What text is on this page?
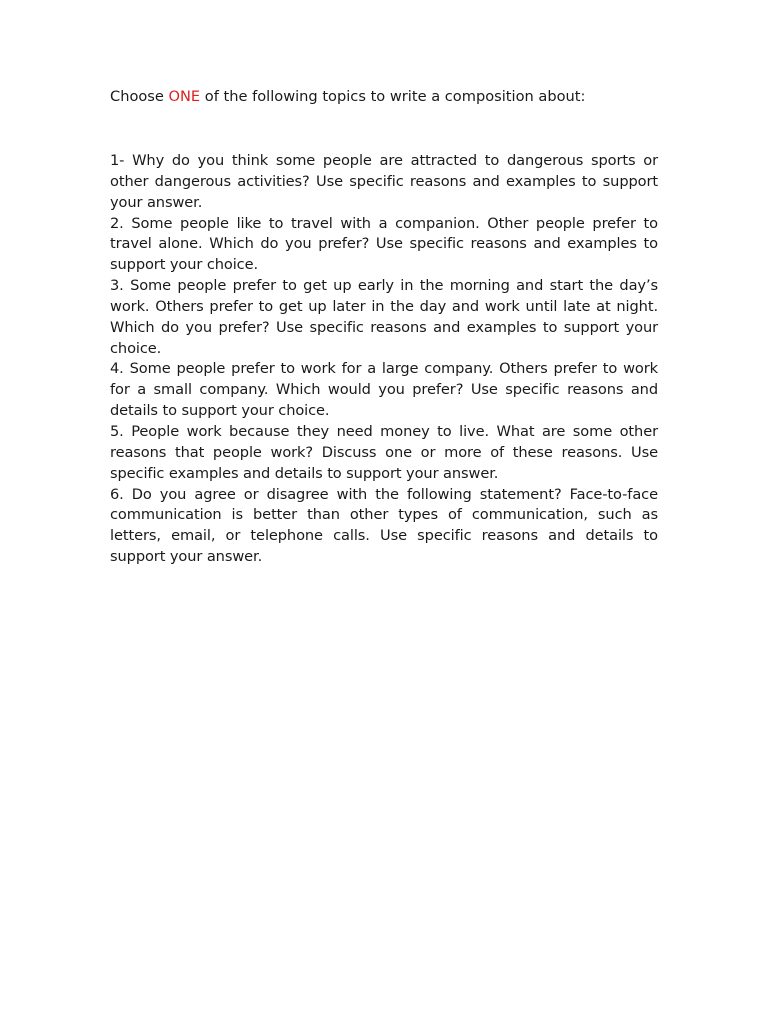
Choose ONE of the following topics to write a composition about:

1- Why do you think some people are attracted to dangerous sports or other dangerous activities? Use specific reasons and examples to support your answer.
2. Some people like to travel with a companion. Other people prefer to travel alone. Which do you prefer? Use specific reasons and examples to support your choice.
3. Some people prefer to get up early in the morning and start the day’s work. Others prefer to get up later in the day and work until late at night. Which do you prefer? Use specific reasons and examples to support your choice.
4. Some people prefer to work for a large company. Others prefer to work for a small company. Which would you prefer? Use specific reasons and details to support your choice.
5. People work because they need money to live. What are some other reasons that people work? Discuss one or more of these reasons. Use specific examples and details to support your answer.
6. Do you agree or disagree with the following statement? Face-to-face communication is better than other types of communication, such as letters, email, or telephone calls. Use specific reasons and details to support your answer.
